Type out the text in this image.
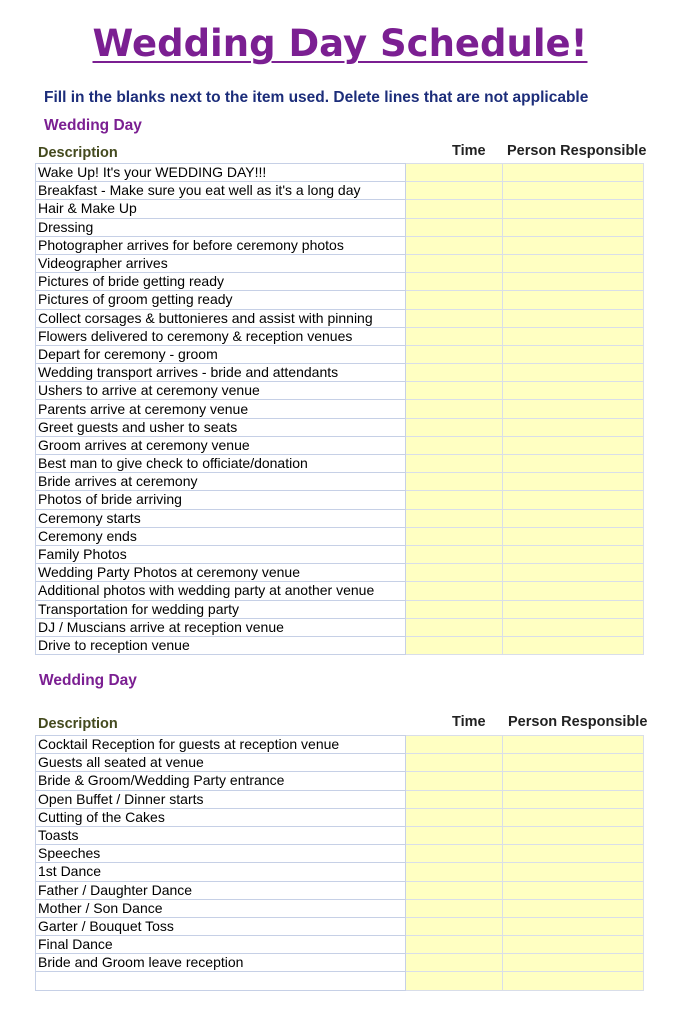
Wedding Day Schedule!
Fill in the blanks next to the item used. Delete lines that are not applicable
Wedding Day
Description	Time Person Responsible
Wake Up! It's your WEDDING DAY!!!		
Breakfast - Make sure you eat well as it's a long day		
Hair & Make Up		
Dressing		
Photographer arrives for before ceremony photos		
Videographer arrives		
Pictures of bride getting ready		
Pictures of groom getting ready		
Collect corsages & buttonieres and assist with pinning		
Flowers delivered to ceremony & reception venues		
Depart for ceremony - groom		
Wedding transport arrives - bride and attendants		
Ushers to arrive at ceremony venue		
Parents arrive at ceremony venue		
Greet guests and usher to seats		
Groom arrives at ceremony venue		
Best man to give check to officiate/donation		
Bride arrives at ceremony		
Photos of bride arriving		
Ceremony starts		
Ceremony ends		
Family Photos		
Wedding Party Photos at ceremony venue		
Additional photos with wedding party at another venue		
Transportation for wedding party		
DJ / Muscians arrive at reception venue		
Drive to reception venue		
Wedding Day
Description	Time Person Responsible
Cocktail Reception for guests at reception venue		
Guests all seated at venue		
Bride & Groom/Wedding Party entrance		
Open Buffet / Dinner starts		
Cutting of the Cakes		
Toasts		
Speeches		
1st Dance		
Father / Daughter Dance		
Mother / Son Dance		
Garter / Bouquet Toss		
Final Dance		
Bride and Groom leave reception		
